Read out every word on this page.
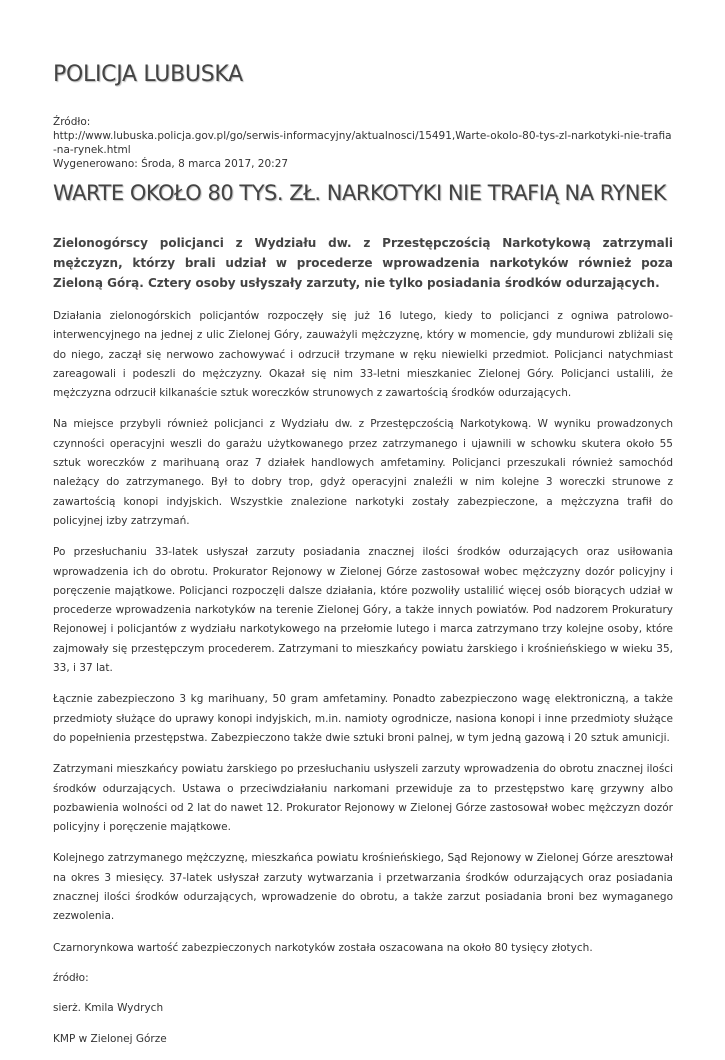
POLICJA LUBUSKA
Źródło:
http://www.lubuska.policja.gov.pl/go/serwis-informacyjny/aktualnosci/15491,Warte-okolo-80-tys-zl-narkotyki-nie-trafia-na-rynek.html
Wygenerowano: Środa, 8 marca 2017, 20:27
WARTE OKOŁO 80 TYS. ZŁ. NARKOTYKI NIE TRAFIĄ NA RYNEK

Zielonogórscy policjanci z Wydziału dw. z Przestępczością Narkotykową zatrzymali mężczyzn, którzy brali udział w procederze wprowadzenia narkotyków również poza Zieloną Górą. Cztery osoby usłyszały zarzuty, nie tylko posiadania środków odurzających.

Działania zielonogórskich policjantów rozpoczęły się już 16 lutego, kiedy to policjanci z ogniwa patrolowo-interwencyjnego na jednej z ulic Zielonej Góry, zauważyli mężczyznę, który w momencie, gdy mundurowi zbliżali się do niego, zaczął się nerwowo zachowywać i odrzucił trzymane w ręku niewielki przedmiot. Policjanci natychmiast zareagowali i podeszli do mężczyzny. Okazał się nim 33-letni mieszkaniec Zielonej Góry. Policjanci ustalili, że mężczyzna odrzucił kilkanaście sztuk woreczków strunowych z zawartością środków odurzających.

Na miejsce przybyli również policjanci z Wydziału dw. z Przestępczością Narkotykową. W wyniku prowadzonych czynności operacyjni weszli do garażu użytkowanego przez zatrzymanego i ujawnili w schowku skutera około 55 sztuk woreczków z marihuaną oraz 7 działek handlowych amfetaminy. Policjanci przeszukali również samochód należący do zatrzymanego. Był to dobry trop, gdyż operacyjni znaleźli w nim kolejne 3 woreczki strunowe z zawartością konopi indyjskich. Wszystkie znalezione narkotyki zostały zabezpieczone, a mężczyzna trafił do policyjnej izby zatrzymań.

Po przesłuchaniu 33-latek usłyszał zarzuty posiadania znacznej ilości środków odurzających oraz usiłowania wprowadzenia ich do obrotu. Prokurator Rejonowy w Zielonej Górze zastosował wobec mężczyzny dozór policyjny i poręczenie majątkowe. Policjanci rozpoczęli dalsze działania, które pozwoliły ustalilić więcej osób biorących udział w procederze wprowadzenia narkotyków na terenie Zielonej Góry, a także innych powiatów. Pod nadzorem Prokuratury Rejonowej i policjantów z wydziału narkotykowego na przełomie lutego i marca zatrzymano trzy kolejne osoby, które zajmowały się przestępczym procederem. Zatrzymani to mieszkańcy powiatu żarskiego i krośnieńskiego w wieku 35, 33, i 37 lat.

Łącznie zabezpieczono 3 kg marihuany, 50 gram amfetaminy. Ponadto zabezpieczono wagę elektroniczną, a także przedmioty służące do uprawy konopi indyjskich, m.in. namioty ogrodnicze, nasiona konopi i inne przedmioty służące do popełnienia przestępstwa. Zabezpieczono także dwie sztuki broni palnej, w tym jedną gazową i 20 sztuk amunicji.

Zatrzymani mieszkańcy powiatu żarskiego po przesłuchaniu usłyszeli zarzuty wprowadzenia do obrotu znacznej ilości środków odurzających. Ustawa o przeciwdziałaniu narkomani przewiduje za to przestępstwo karę grzywny albo pozbawienia wolności od 2 lat do nawet 12. Prokurator Rejonowy w Zielonej Górze zastosował wobec mężczyzn dozór policyjny i poręczenie majątkowe.

Kolejnego zatrzymanego mężczyznę, mieszkańca powiatu krośnieńskiego, Sąd Rejonowy w Zielonej Górze aresztował na okres 3 miesięcy. 37-latek usłyszał zarzuty wytwarzania i przetwarzania środków odurzających oraz posiadania znacznej ilości środków odurzających, wprowadzenie do obrotu, a także zarzut posiadania broni bez wymaganego zezwolenia.

Czarnorynkowa wartość zabezpieczonych narkotyków została oszacowana na około 80 tysięcy złotych.

źródło:

sierż. Kmila Wydrych

KMP w Zielonej Górze
